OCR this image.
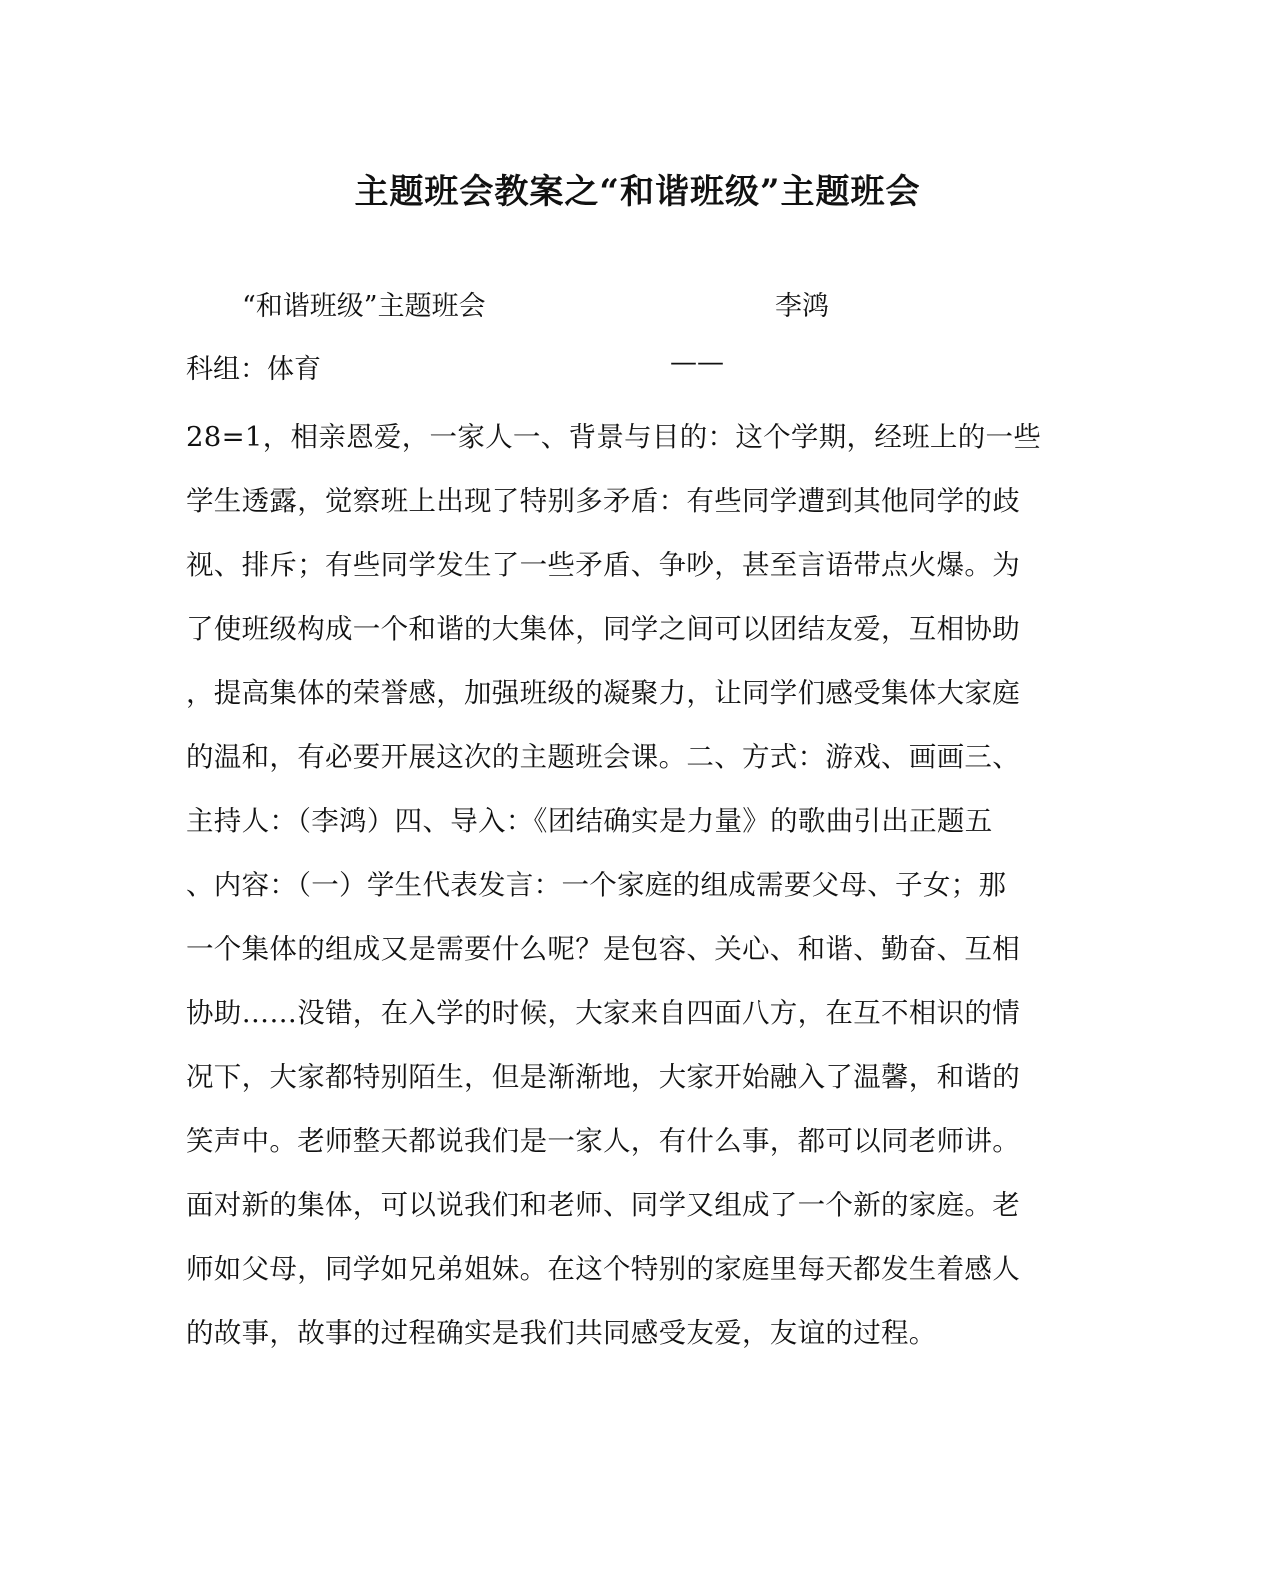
主题班会教案之“和谐班级”主题班会
“和谐班级”主题班会	李鸿
科组：体育	——
28=1，相亲恩爱，一家人一、背景与目的：这个学期，经班上的一些
学生透露，觉察班上出现了特别多矛盾：有些同学遭到其他同学的歧
视、排斥；有些同学发生了一些矛盾、争吵，甚至言语带点火爆。为
了使班级构成一个和谐的大集体，同学之间可以团结友爱，互相协助
，提高集体的荣誉感，加强班级的凝聚力，让同学们感受集体大家庭
的温和，有必要开展这次的主题班会课。二、方式：游戏、画画三、
主持人：（李鸿）四、导入：《团结确实是力量》的歌曲引出正题五
、内容：（一）学生代表发言：一个家庭的组成需要父母、子女；那
一个集体的组成又是需要什么呢？是包容、关心、和谐、勤奋、互相
协助……没错，在入学的时候，大家来自四面八方，在互不相识的情
况下，大家都特别陌生，但是渐渐地，大家开始融入了温馨，和谐的
笑声中。老师整天都说我们是一家人，有什么事，都可以同老师讲。
面对新的集体，可以说我们和老师、同学又组成了一个新的家庭。老
师如父母，同学如兄弟姐妹。在这个特别的家庭里每天都发生着感人
的故事，故事的过程确实是我们共同感受友爱，友谊的过程。
